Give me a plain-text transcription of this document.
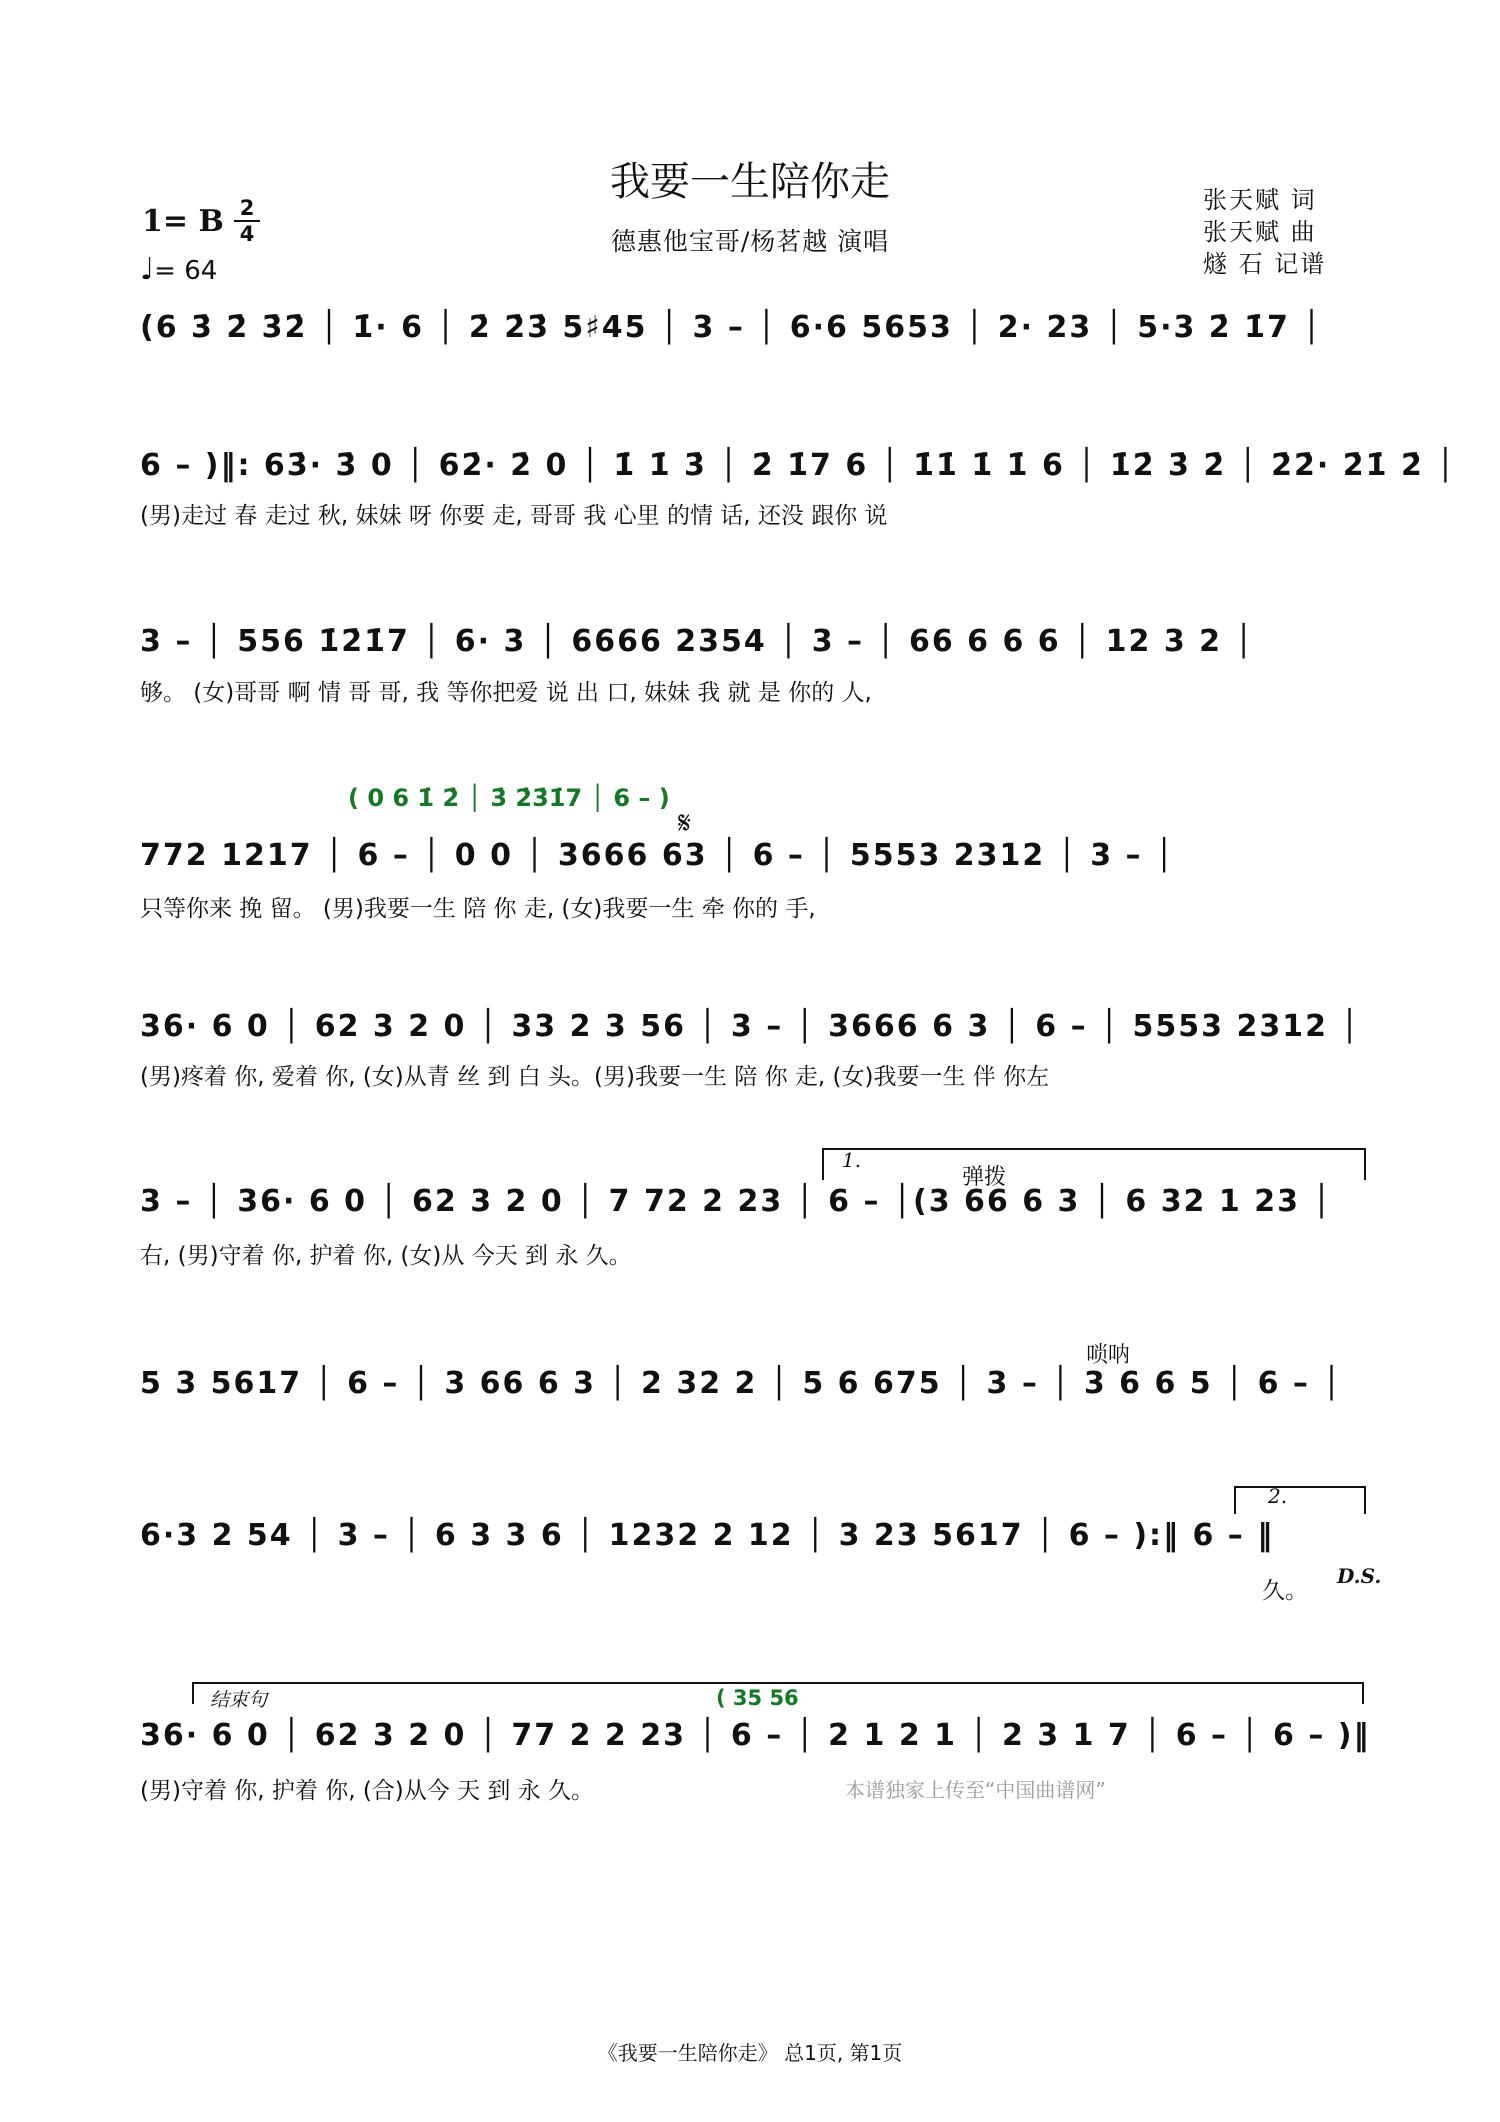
我要一生陪你走
德惠他宝哥/杨茗越 演唱
张天赋 词
张天赋 曲
燧 石 记谱
1= B 2
4
♩= 64
(6 3̇ 2̇ 3̇2̇ │ 1̇· 6 │ 2̇ 2̇3̇ 5♯45 │ 3 – │ 6·6 5653 │ 2· 23 │ 5·3 2̇ 1̇7 │
6 – )‖: 63̇· 3̇ 0 │ 62̇· 2̇ 0 │ 1̇ 1̇ 3̇ │ 2̇ 1̇7 6 │ 1̇1̇ 1̇ 1̇ 6 │ 1̇2̇ 3̇ 2̇ │ 2̇2̇· 2̇1̇ 2̇ │
(男)走过 春 走过 秋, 妹妹 呀 你要 走, 哥哥 我 心里 的情 话, 还没 跟你 说
3 – │ 556 1̇2̇1̇7 │ 6· 3 │ 6666 2354 │ 3 – │ 66 6 6 6 │ 12 3 2 │
够。 (女)哥哥 啊 情 哥 哥, 我 等你把爱 说 出 口, 妹妹 我 就 是 你的 人,
( 0 6 1̇ 2̇ │ 3̇ 2̇3̇1̇7 │ 6 – )
𝄋
772 1217 │ 6 – │ 0 0 │ 3666 63 │ 6 – │ 5553 2312 │ 3 – │
只等你来 挽 留。 (男)我要一生 陪 你 走, (女)我要一生 牵 你的 手,
36· 6 0 │ 62 3 2 0 │ 33 2 3 56 │ 3 – │ 3666 6 3 │ 6 – │ 5553 2312 │
(男)疼着 你, 爱着 你, (女)从青 丝 到 白 头。(男)我要一生 陪 你 走, (女)我要一生 伴 你左
1.
弹拨
3 – │ 36· 6 0 │ 62 3 2 0 │ 7 72 2 23 │ 6 – │(3 66 6 3 │ 6 32 1 23 │
右, (男)守着 你, 护着 你, (女)从 今天 到 永 久。
唢呐
5 3 5617 │ 6 – │ 3 66 6 3 │ 2 32 2 │ 5 6 675 │ 3 – │ 3 6 6 5 │ 6 – │
2.
6·3 2 54 │ 3 – │ 6 3 3 6 │ 1232 2 12 │ 3 23 5617 │ 6 – ):‖ 6 – ‖
久。
D.S.
结束句	( 35 56
36· 6 0 │ 62 3 2 0 │ 77 2 2 23 │ 6 – │ 2 1 2 1 │ 2 3 1 7 │ 6 – │ 6 – )‖
(男)守着 你, 护着 你, (合)从今 天 到 永 久。	本谱独家上传至“中国曲谱网”
《我要一生陪你走》 总1页, 第1页
